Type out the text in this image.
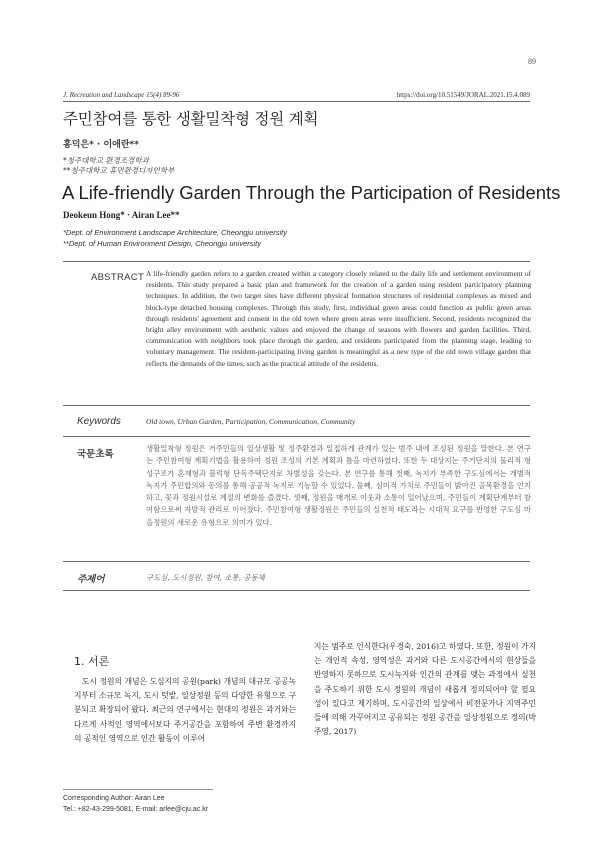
89
J. Recreation and Landscape 15(4) 89-96	https://doi.org/10.51549/JORAL.2021.15.4.089
주민참여를 통한 생활밀착형 정원 계획
홍덕은* · 이애란**
*청주대학교 환경조경학과
**청주대학교 휴먼환경디자인학부
A Life-friendly Garden Through the Participation of Residents
Deokeun Hong* · Airan Lee**
*Dept. of Environment Landscape Architecture, Cheongju university
**Dept. of Human Environment Design, Cheongju university
ABSTRACT A life-friendly garden refers to a garden created within a category closely related to the daily life and settlement environment of residents. This study prepared a basic plan and framework for the creation of a garden using resident participatory planning techniques. In addition, the two target sites have different physical formation structures of residential complexes as mixed and block-type detached housing complexes. Through this study, first, individual green areas could function as public green areas through residents' agreement and consent in the old town where green areas were insufficient. Second, residents recognized the bright alley environment with aesthetic values and enjoyed the change of seasons with flowers and garden facilities. Third, communication with neighbors took place through the garden, and residents participated from the planning stage, leading to voluntary management. The resident-participating living garden is meaningful as a new type of the old town village garden that reflects the demands of the times, such as the practical attitude of the residents.
Keywords	Old town, Urban Garden, Participation, Communication, Community
국문초록
생활밀착형 정원은 거주민들의 일상생활 및 정주환경과 밀접하게 관계가 있는 범주 내에 조성된 정원을 말한다. 본 연구는 주민참여형 계획기법을 활용하여 정원 조성의 기본 계획과 틀을 마련하였다. 또한 두 대상지는 주거단지의 물리적 형성구조가 혼재형과 블럭형 단독주택단지로 차별성을 갖는다. 본 연구를 통해 첫째, 녹지가 부족한 구도심에서는 개별적 녹지가 주민합의와 동의를 통해 공공적 녹지로 기능할 수 있었다. 둘째, 심미적 가치로 주민들이 밝아진 골목환경을 인지하고, 꽃과 정원시설로 계절의 변화를 즐겼다. 셋째, 정원을 매개로 이웃과 소통이 일어났으며, 주민들이 계획단계부터 참여함으로써 자발적 관리로 이어졌다. 주민참여형 생활정원은 주민들의 실천적 태도라는 시대적 요구를 반영한 구도심 마을정원의 새로운 유형으로 의미가 있다.
주제어	구도심, 도시정원, 참여, 소통, 공동체
1. 서론

도시 정원의 개념은 도심지의 공원(park) 개념의 대규모 공공녹지부터 소규모 녹지, 도시 텃밭, 일상정원 등의 다양한 유형으로 구분되고 확장되어 왔다. 최근의 연구에서는 현대의 정원은 과거와는 다르게 사적인 영역에서보다 주거공간을 포함하여 주변 환경까지의 공적인 영역으로 인간 활동이 이루어

지는 범주로 인식한다(우경숙, 2016)고 하였다. 또한, 정원이 가지는 개인적 속성, 영역성은 과거와 다른 도시공간에서의 현상들을 반영하지 못하므로 도시녹지와 인간의 관계를 맺는 과정에서 실천을 주도하기 위한 도시 정원의 개념이 새롭게 정의되어야 할 필요성이 있다고 제기하며, 도시공간의 일상에서 비전문가나 지역주민들에 의해 가꾸어지고 공유되는 정원 공간을 일상정원으로 정의(박주영, 2017)

Corresponding Author: Airan Lee
Tel.: +82-43-299-5081, E-mail: arlee@cju.ac.kr
